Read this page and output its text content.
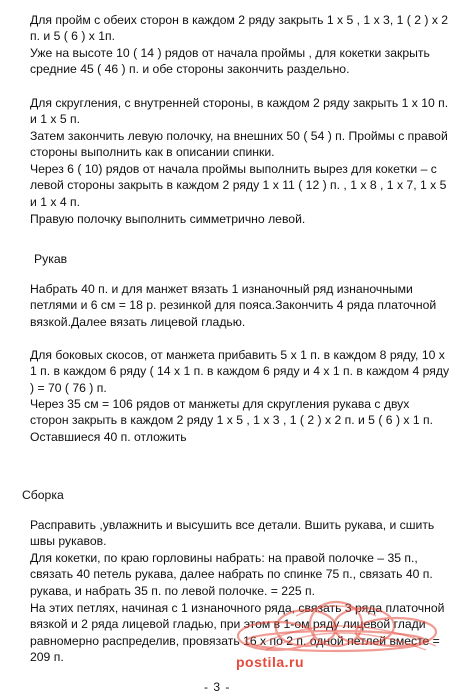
Для пройм с обеих сторон в каждом 2 ряду закрыть 1 х 5 , 1 х 3, 1 ( 2 ) х 2 п. и 5 ( 6 ) х 1п.

Уже на высоте 10 ( 14 ) рядов от начала проймы , для кокетки закрыть средние 45 ( 46 ) п. и обе стороны закончить раздельно.

Для скругления, с внутренней стороны, в каждом 2 ряду закрыть 1 х 10 п. и 1 х 5 п.

Затем закончить левую полочку, на внешних 50 ( 54 ) п. Проймы с правой стороны выполнить как в описании спинки.

Через 6 ( 10) рядов от начала проймы выполнить вырез для кокетки – с левой стороны закрыть в каждом 2 ряду 1 х 11 ( 12 ) п. , 1 х 8 , 1 х 7, 1 х 5 и 1 х 4 п.

Правую полочку выполнить симметрично левой.

Рукав

Набрать 40 п. и для манжет вязать 1 изнаночный ряд изнаночными петлями и 6 см = 18 р. резинкой для пояса.Закончить 4 ряда платочной вязкой.Далее вязать лицевой гладью.

Для боковых скосов, от манжета прибавить 5 х 1 п. в каждом 8 ряду, 10 х 1 п. в каждом 6 ряду ( 14 х 1 п. в каждом 6 ряду и 4 х 1 п. в каждом 4 ряду ) = 70 ( 76 ) п.

Через 35 см = 106 рядов от манжеты для скругления рукава с двух сторон закрыть в каждом 2 ряду 1 х 5 , 1 х 3 , 1 ( 2 ) х 2 п. и 5 ( 6 ) х 1 п. Оставшиеся 40 п. отложить

Сборка

Расправить ,увлажнить и высушить все детали. Вшить рукава, и сшить швы рукавов.

Для кокетки, по краю горловины набрать: на правой полочке – 35 п., связать 40 петель рукава, далее набрать по спинке 75 п., связать 40 п. рукава, и набрать 35 п. по левой полочке. = 225 п.

На этих петлях, начиная с 1 изнаночного ряда, связать 3 ряда платочной вязкой и 2 ряда лицевой гладью, при этом в 1-ом ряду лицевой глади равномерно распределив, провязать 16 х по 2 п. одной петлей вместе = 209 п.	postila.ru
- 3 -
